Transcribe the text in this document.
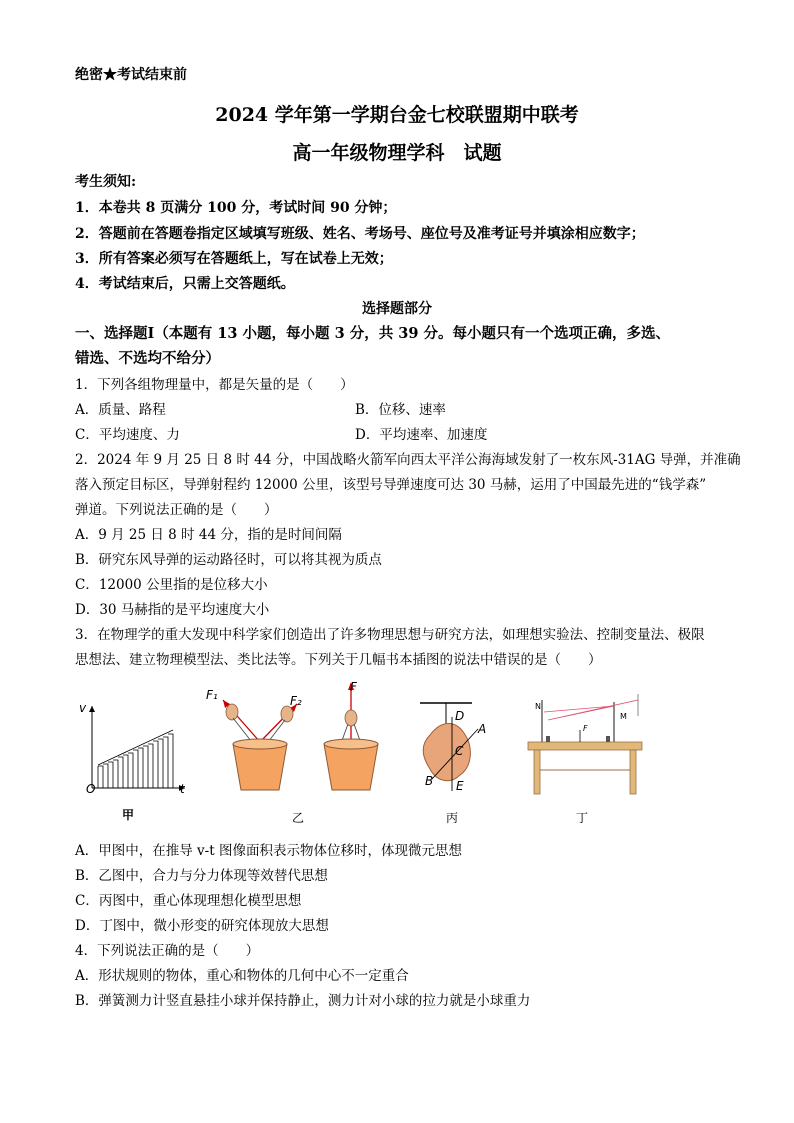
绝密★考试结束前
2024 学年第一学期台金七校联盟期中联考
高一年级物理学科　试题
考生须知:
1．本卷共 8 页满分 100 分，考试时间 90 分钟；
2．答题前在答题卷指定区域填写班级、姓名、考场号、座位号及准考证号并填涂相应数字；
3．所有答案必须写在答题纸上，写在试卷上无效；
4．考试结束后，只需上交答题纸。
选择题部分
一、选择题Ⅰ（本题有 13 小题，每小题 3 分，共 39 分。每小题只有一个选项正确，多选、
错选、不选均不给分）
1．下列各组物理量中，都是矢量的是（　　）
A．质量、路程	B．位移、速率
C．平均速度、力	D．平均速率、加速度
2．2024 年 9 月 25 日 8 时 44 分，中国战略火箭军向西太平洋公海海域发射了一枚东风-31AG 导弹，并准确
落入预定目标区，导弹射程约 12000 公里，该型号导弹速度可达 30 马赫，运用了中国最先进的“钱学森”
弹道。下列说法正确的是（　　）
A．9 月 25 日 8 时 44 分，指的是时间间隔
B．研究东风导弹的运动路径时，可以将其视为质点
C．12000 公里指的是位移大小
D．30 马赫指的是平均速度大小
3．在物理学的重大发现中科学家们创造出了许多物理思想与研究方法，如理想实验法、控制变量法、极限
思想法、建立物理模型法、类比法等。下列关于几幅书本插图的说法中错误的是（　　）
v
t
O
甲
F₁	F₂
乙
F
D
A
C
B E
丙
N
M
F
丁
A．甲图中，在推导 v-t 图像面积表示物体位移时，体现微元思想
B．乙图中，合力与分力体现等效替代思想
C．丙图中，重心体现理想化模型思想
D．丁图中，微小形变的研究体现放大思想
4．下列说法正确的是（　　）
A．形状规则的物体，重心和物体的几何中心不一定重合
B．弹簧测力计竖直悬挂小球并保持静止，测力计对小球的拉力就是小球重力
